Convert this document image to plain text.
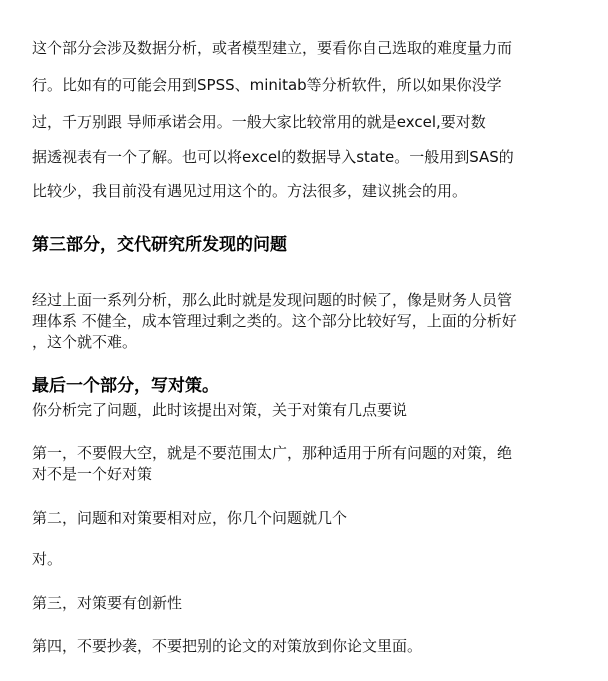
这个部分会涉及数据分析，或者模型建立，要看你自己选取的难度量力而
行。比如有的可能会用到SPSS、minitab等分析软件，所以如果你没学
过，千万别跟 导师承诺会用。一般大家比较常用的就是excel,要对数
据透视表有一个了解。也可以将excel的数据导入state。一般用到SAS的
比较少，我目前没有遇见过用这个的。方法很多，建议挑会的用。
第三部分，交代研究所发现的问题
经过上面一系列分析，那么此时就是发现问题的时候了，像是财务人员管
理体系 不健全，成本管理过剩之类的。这个部分比较好写，上面的分析好
，这个就不难。
最后一个部分，写对策。
你分析完了问题，此时该提出对策，关于对策有几点要说
第一，不要假大空，就是不要范围太广，那种适用于所有问题的对策，绝
对不是一个好对策
第二，问题和对策要相对应，你几个问题就几个
对。
第三，对策要有创新性
第四，不要抄袭，不要把别的论文的对策放到你论文里面。
